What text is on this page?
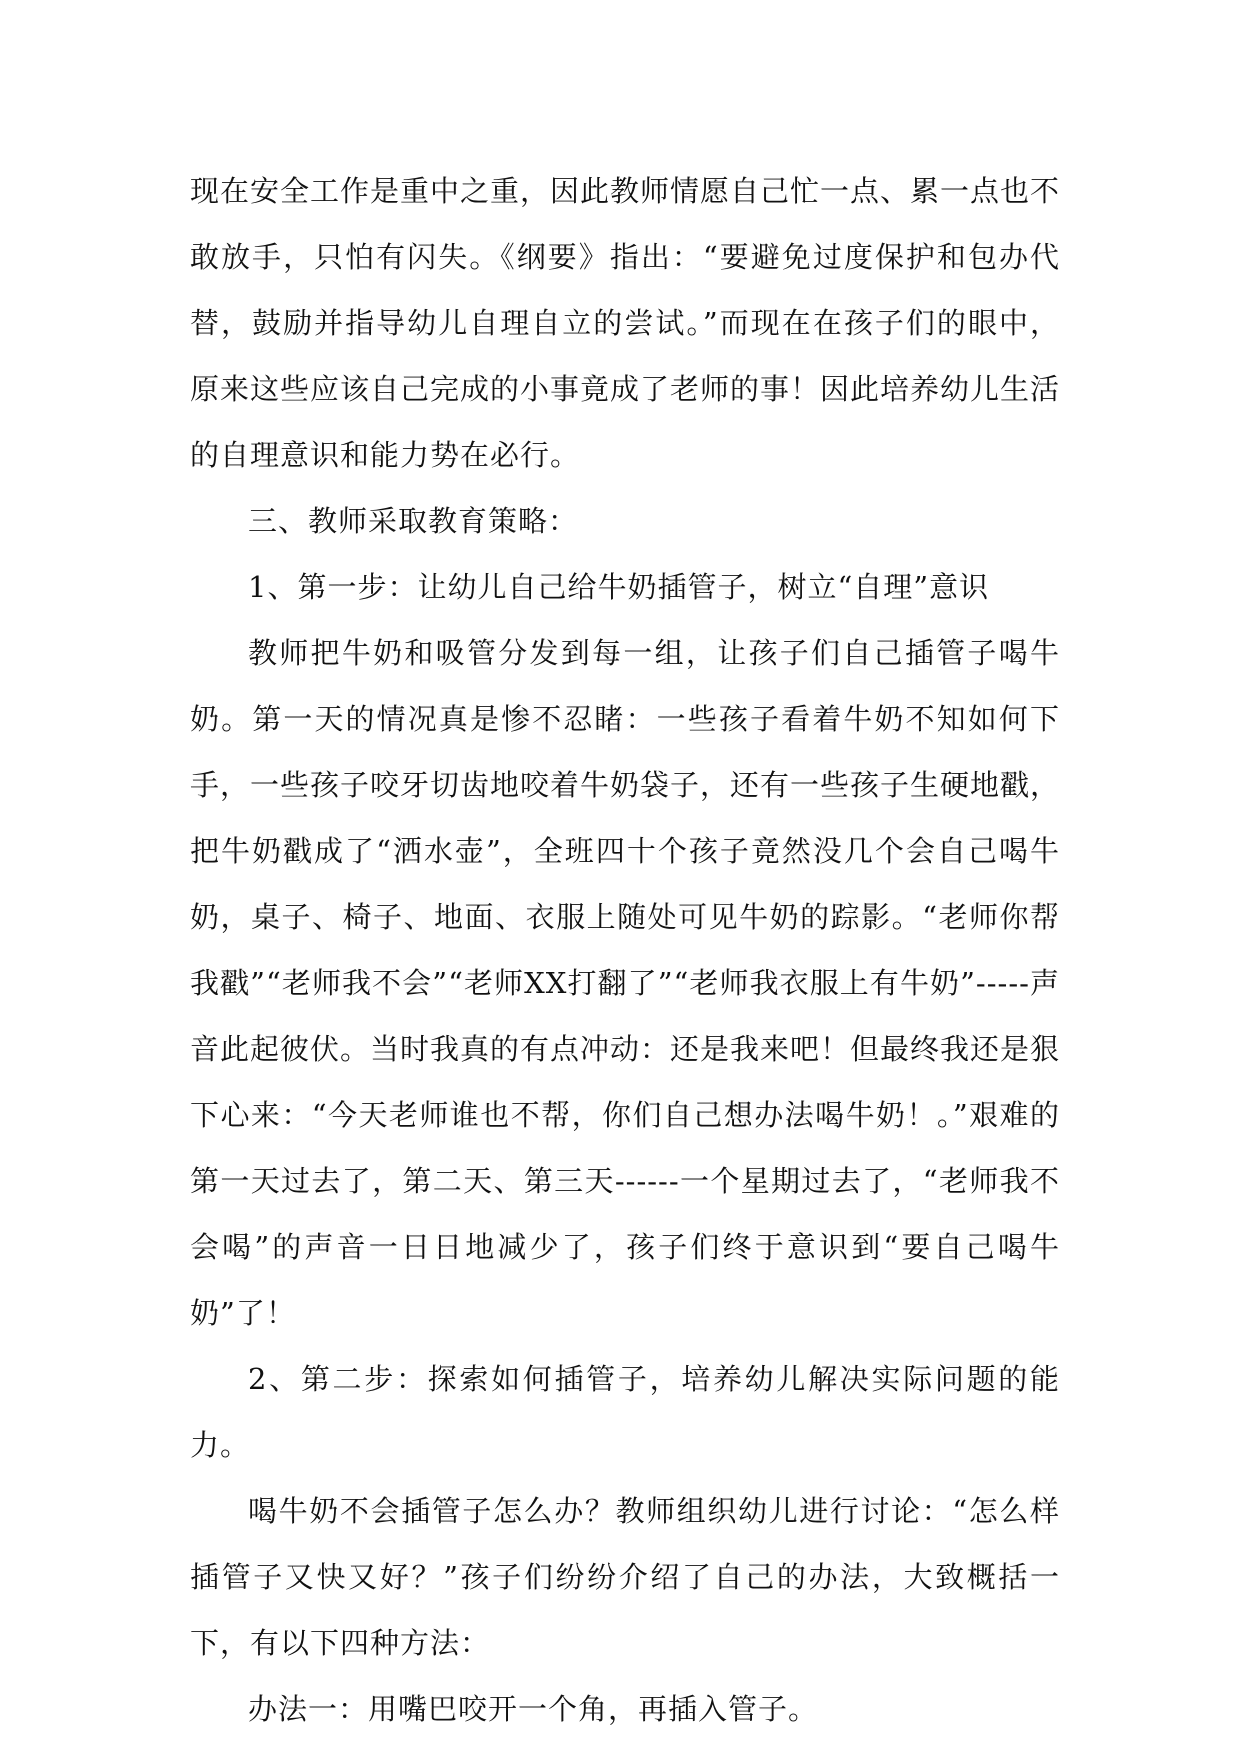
现在安全工作是重中之重，因此教师情愿自己忙一点、累一点也不敢放手，只怕有闪失。《纲要》指出：“要避免过度保护和包办代替，鼓励并指导幼儿自理自立的尝试。”而现在在孩子们的眼中，原来这些应该自己完成的小事竟成了老师的事！因此培养幼儿生活的自理意识和能力势在必行。

三、教师采取教育策略：

1、第一步：让幼儿自己给牛奶插管子，树立“自理”意识

教师把牛奶和吸管分发到每一组，让孩子们自己插管子喝牛奶。第一天的情况真是惨不忍睹：一些孩子看着牛奶不知如何下手，一些孩子咬牙切齿地咬着牛奶袋子，还有一些孩子生硬地戳，把牛奶戳成了“洒水壶”，全班四十个孩子竟然没几个会自己喝牛奶，桌子、椅子、地面、衣服上随处可见牛奶的踪影。“老师你帮我戳”“老师我不会”“老师XX打翻了”“老师我衣服上有牛奶”-----声音此起彼伏。当时我真的有点冲动：还是我来吧！但最终我还是狠下心来：“今天老师谁也不帮，你们自己想办法喝牛奶！。”艰难的第一天过去了，第二天、第三天------一个星期过去了，“老师我不会喝”的声音一日日地减少了，孩子们终于意识到“要自己喝牛奶”了！

2、第二步：探索如何插管子，培养幼儿解决实际问题的能力。

喝牛奶不会插管子怎么办？教师组织幼儿进行讨论：“怎么样插管子又快又好？”孩子们纷纷介绍了自己的办法，大致概括一下，有以下四种方法：

办法一：用嘴巴咬开一个角，再插入管子。
